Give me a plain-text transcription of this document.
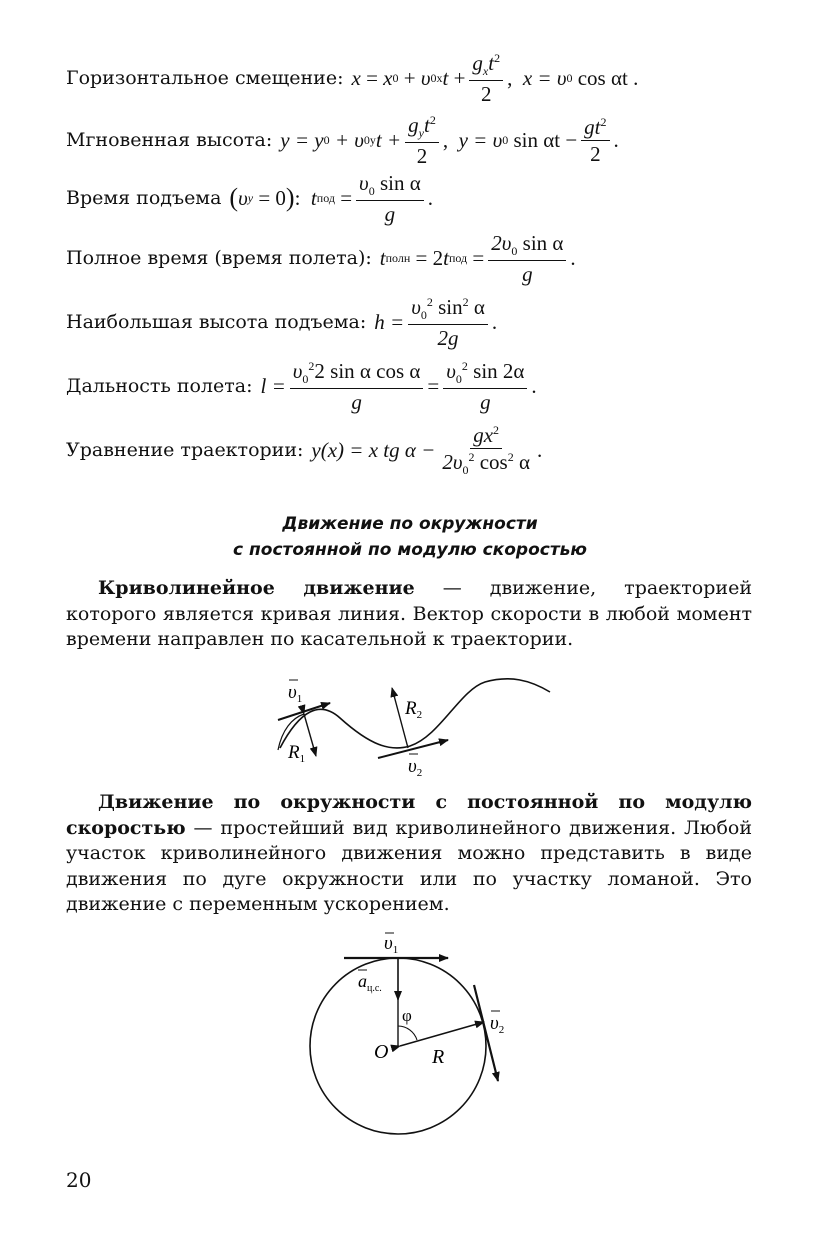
Горизонтальное смещение: x
=
x 0
+
υ 0x t
+ $\frac{g_xt^2}{2}$ ,
x = υ 0
cos αt
.
Мгновенная высота: y = y 0
+ υ 0y $t + \frac{g_yt^2}{2}$ ,
y = υ 0
$\sin \alpha t - \frac{gt^2}{2}$ .
Время подъема ( υ y
= 0 ) :
t под
= $\frac{\upsilon_0 \sin \alpha}{g}$ .
Полное время (время полета): t полн
= 2 t под
= $\frac{2\upsilon_0 \sin \alpha}{g}$ .
Наибольшая высота подъема: $h = \frac{\upsilon_0^2 \sin^2 \alpha}{2g}$ .
Дальность полета: $l = \frac{\upsilon_0^22 \sin \alpha \cos \alpha}{g} = \frac{\upsilon_0^2 \sin 2\alpha}{g}$ .
Уравнение траектории: y(x) = x tg $\alpha - \frac{gx^2}{2\upsilon_0^2 \cos^2 \alpha}$ .
Движение по окружности
с постоянной по модулю скоростью
Криволинейное движение — движение, траекторией которого является кривая линия. Вектор скорости в любой момент времени направлен по касательной к траектории.
$\upsilon_1$
$R_1$
$R_2$
$\upsilon_2$
Движение по окружности с постоянной по модулю скоростью — простейший вид криволинейного движения. Любой участок криволинейного движения можно представить в виде движения по дуге окружности или по участку ломаной. Это движение с переменным ускорением.
$\upsilon_1$
$a_{ц.с.}$
φ
O R
$\upsilon_2$
20
